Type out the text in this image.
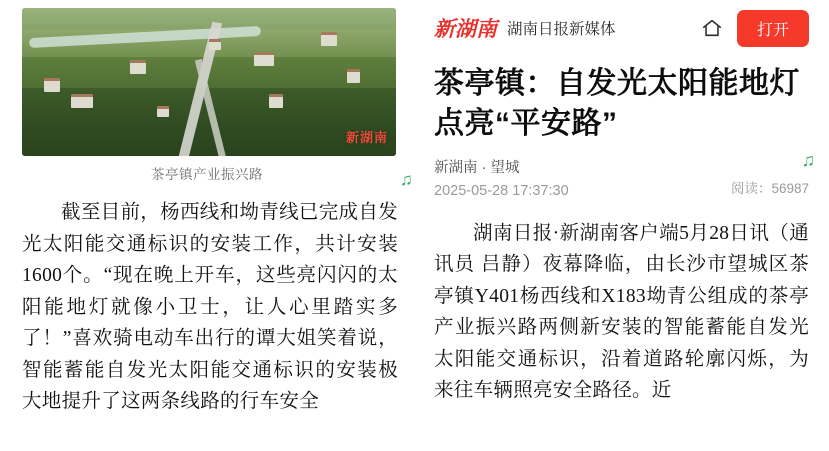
新湖南
茶亭镇产业振兴路

截至目前，杨西线和坳青线已完成自发光太阳能交通标识的安装工作，共计安装1600个。“现在晚上开车，这些亮闪闪的太阳能地灯就像小卫士，让人心里踏实多了！”喜欢骑电动车出行的谭大姐笑着说，智能蓄能自发光太阳能交通标识的安装极大地提升了这两条线路的行车安全

♫
新湖南 湖南日报新媒体	打开
茶亭镇：自发光太阳能地灯点亮“平安路”
新湖南 · 望城
2025-05-28 17:37:30	阅读：56987
♫

湖南日报·新湖南客户端5月28日讯（通讯员 吕静）夜幕降临，由长沙市望城区茶亭镇Y401杨西线和X183坳青公组成的茶亭产业振兴路两侧新安装的智能蓄能自发光太阳能交通标识，沿着道路轮廓闪烁，为来往车辆照亮安全路径。近
